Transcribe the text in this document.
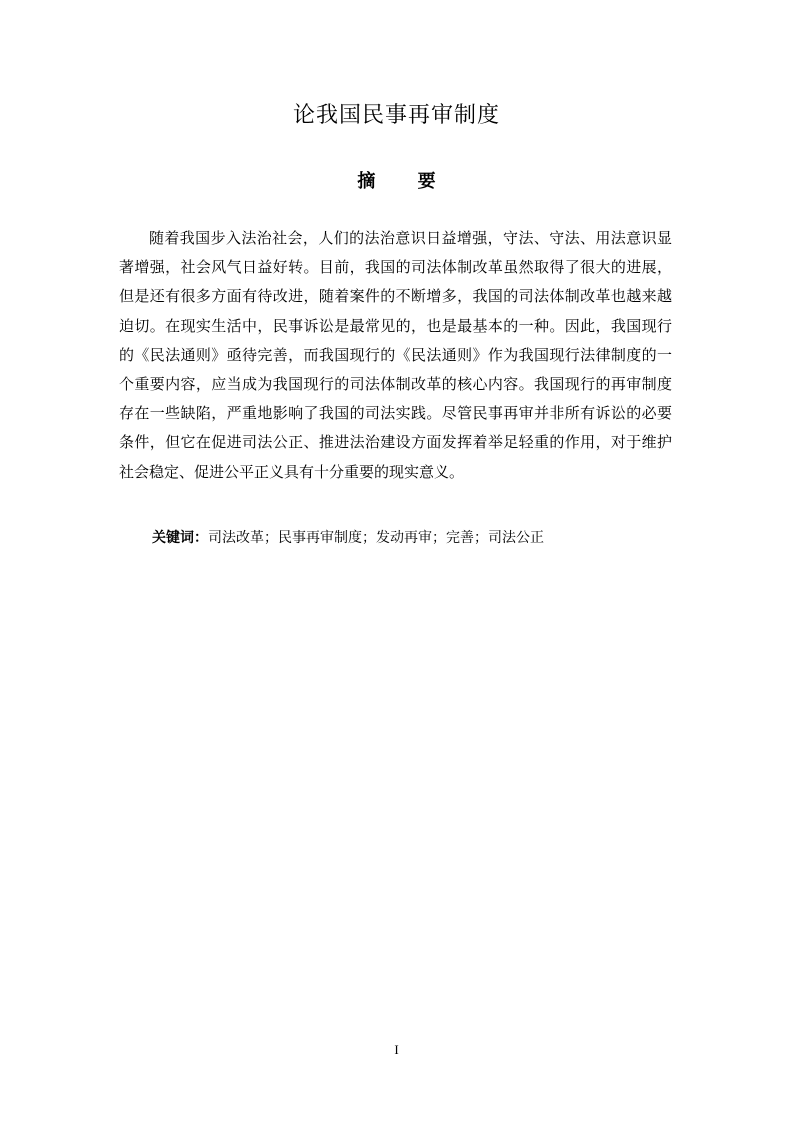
论我国民事再审制度
摘 要

随着我国步入法治社会，人们的法治意识日益增强，守法、守法、用法意识显著增强，社会风气日益好转。目前，我国的司法体制改革虽然取得了很大的进展，但是还有很多方面有待改进，随着案件的不断增多，我国的司法体制改革也越来越迫切。在现实生活中，民事诉讼是最常见的，也是最基本的一种。因此，我国现行的《民法通则》亟待完善，而我国现行的《民法通则》作为我国现行法律制度的一个重要内容，应当成为我国现行的司法体制改革的核心内容。我国现行的再审制度存在一些缺陷，严重地影响了我国的司法实践。尽管民事再审并非所有诉讼的必要条件，但它在促进司法公正、推进法治建设方面发挥着举足轻重的作用，对于维护社会稳定、促进公平正义具有十分重要的现实意义。

关键词：司法改革；民事再审制度；发动再审；完善；司法公正

I
